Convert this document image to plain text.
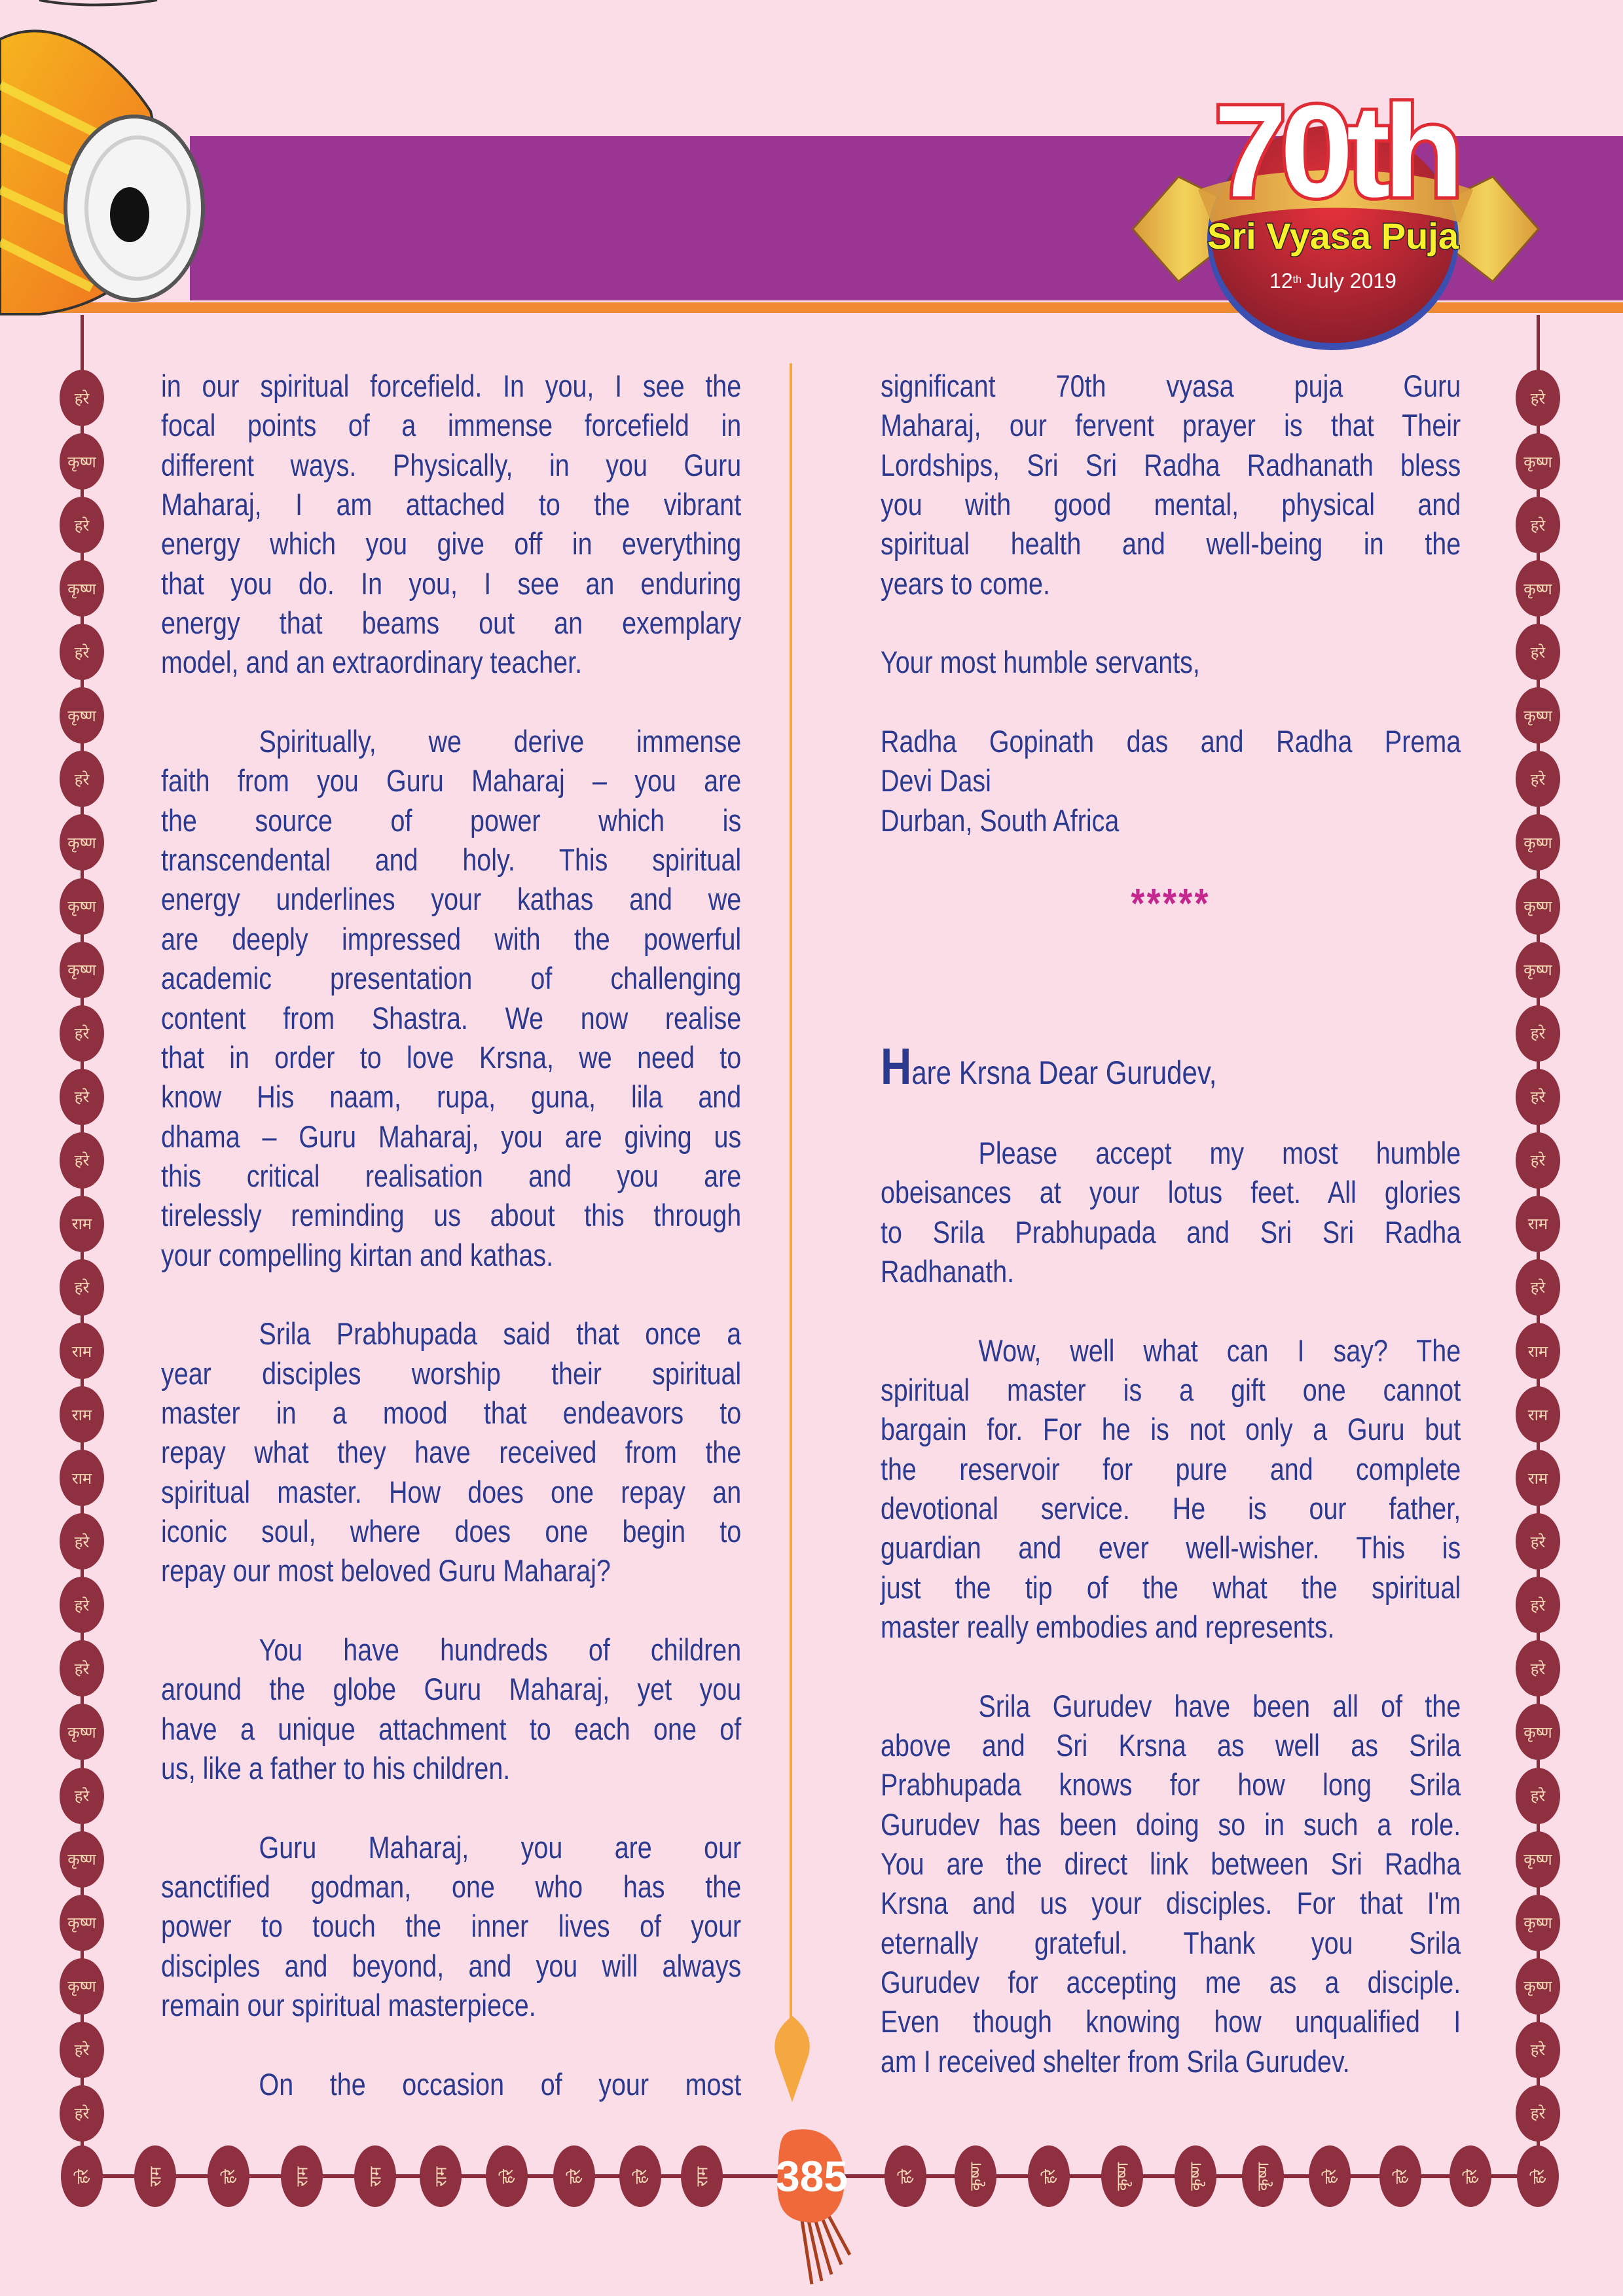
70th
Sri Vyasa Puja
12th July 2019
in our spiritual forcefield. In you, I see the
focal points of a immense forcefield in
different ways. Physically, in you Guru
Maharaj, I am attached to the vibrant
energy which you give off in everything
that you do. In you, I see an enduring
energy that beams out an exemplary
model, and an extraordinary teacher.
Spiritually, we derive immense
faith from you Guru Maharaj – you are
the source of power which is
transcendental and holy. This spiritual
energy underlines your kathas and we
are deeply impressed with the powerful
academic presentation of challenging
content from Shastra. We now realise
that in order to love Krsna, we need to
know His naam, rupa, guna, lila and
dhama – Guru Maharaj, you are giving us
this critical realisation and you are
tirelessly reminding us about this through
your compelling kirtan and kathas.
Srila Prabhupada said that once a
year disciples worship their spiritual
master in a mood that endeavors to
repay what they have received from the
spiritual master. How does one repay an
iconic soul, where does one begin to
repay our most beloved Guru Maharaj?
You have hundreds of children
around the globe Guru Maharaj, yet you
have a unique attachment to each one of
us, like a father to his children.
Guru Maharaj, you are our
sanctified godman, one who has the
power to touch the inner lives of your
disciples and beyond, and you will always
remain our spiritual masterpiece.
On the occasion of your most
significant 70th vyasa puja Guru
Maharaj, our fervent prayer is that Their
Lordships, Sri Sri Radha Radhanath bless
you with good mental, physical and
spiritual health and well-being in the
years to come.
Your most humble servants,
Radha Gopinath das and Radha Prema
Devi Dasi
Durban, South Africa
*****
Hare Krsna Dear Gurudev,
Please accept my most humble
obeisances at your lotus feet. All glories
to Srila Prabhupada and Sri Sri Radha
Radhanath.
Wow, well what can I say? The
spiritual master is a gift one cannot
bargain for. For he is not only a Guru but
the reservoir for pure and complete
devotional service. He is our father,
guardian and ever well-wisher. This is
just the tip of the what the spiritual
master really embodies and represents.
Srila Gurudev have been all of the
above and Sri Krsna as well as Srila
Prabhupada knows for how long Srila
Gurudev has been doing so in such a role.
You are the direct link between Sri Radha
Krsna and us your disciples. For that I'm
eternally grateful. Thank you Srila
Gurudev for accepting me as a disciple.
Even though knowing how unqualified I
am I received shelter from Srila Gurudev.
हरे
कृष्ण
हरे
कृष्ण
हरे
कृष्ण
हरे
कृष्ण
कृष्ण
कृष्ण
हरे
हरे
हरे
राम
हरे
राम
राम
राम
हरे
हरे
हरे
कृष्ण
हरे
कृष्ण
कृष्ण
कृष्ण
हरे
हरे
हरे
कृष्ण
हरे
कृष्ण
हरे
कृष्ण
हरे
कृष्ण
कृष्ण
कृष्ण
हरे
हरे
हरे
राम
हरे
राम
राम
राम
हरे
हरे
हरे
कृष्ण
हरे
कृष्ण
कृष्ण
कृष्ण
हरे
हरे
हरे	राम	हरे	राम	राम	राम	हरे	हरे	हरे	राम	हरे	कृष्ण	हरे	कृष्ण	कृष्ण	कृष्ण	हरे	हरे	हरे	हरे
385
